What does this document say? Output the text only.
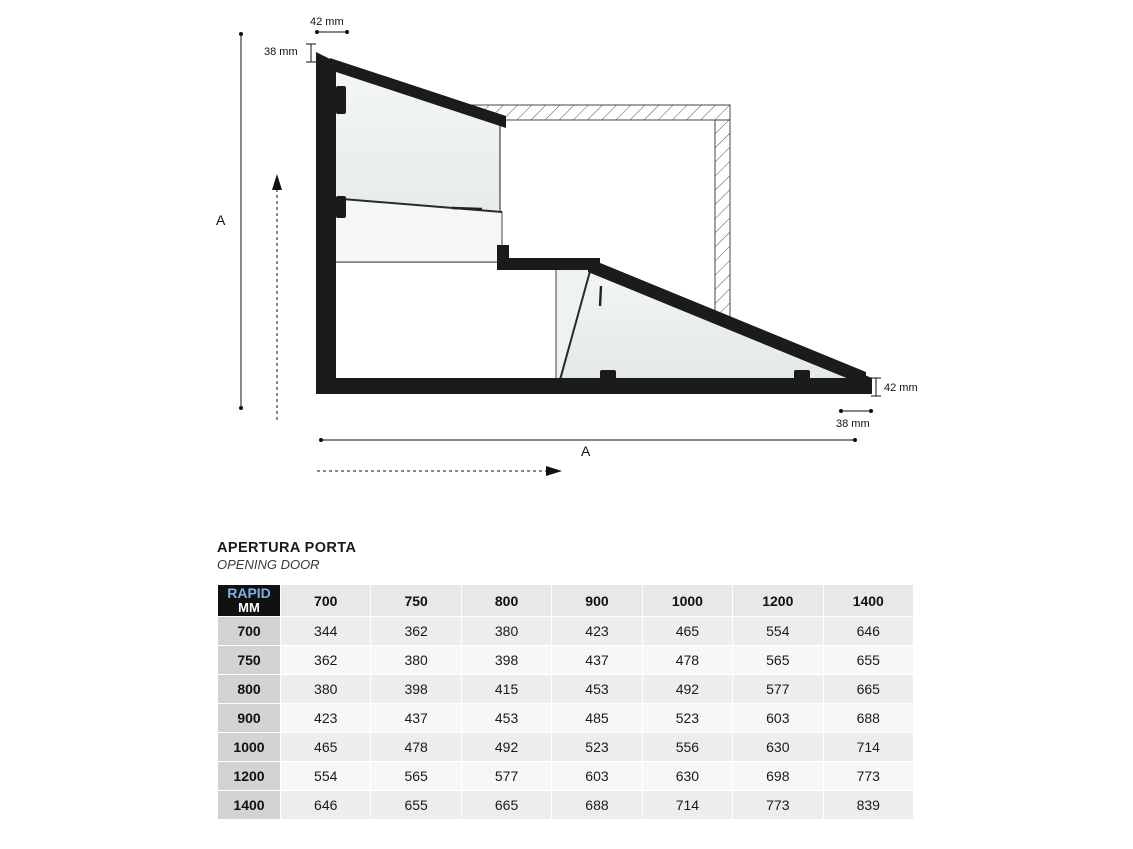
42 mm
38 mm
42 mm
38 mm
A
A
APERTURA PORTA
OPENING DOOR
RAPID
MM	700	750	800	900	1000	1200	1400
700	344	362	380	423	465	554	646
750	362	380	398	437	478	565	655
800	380	398	415	453	492	577	665
900	423	437	453	485	523	603	688
1000	465	478	492	523	556	630	714
1200	554	565	577	603	630	698	773
1400	646	655	665	688	714	773	839
